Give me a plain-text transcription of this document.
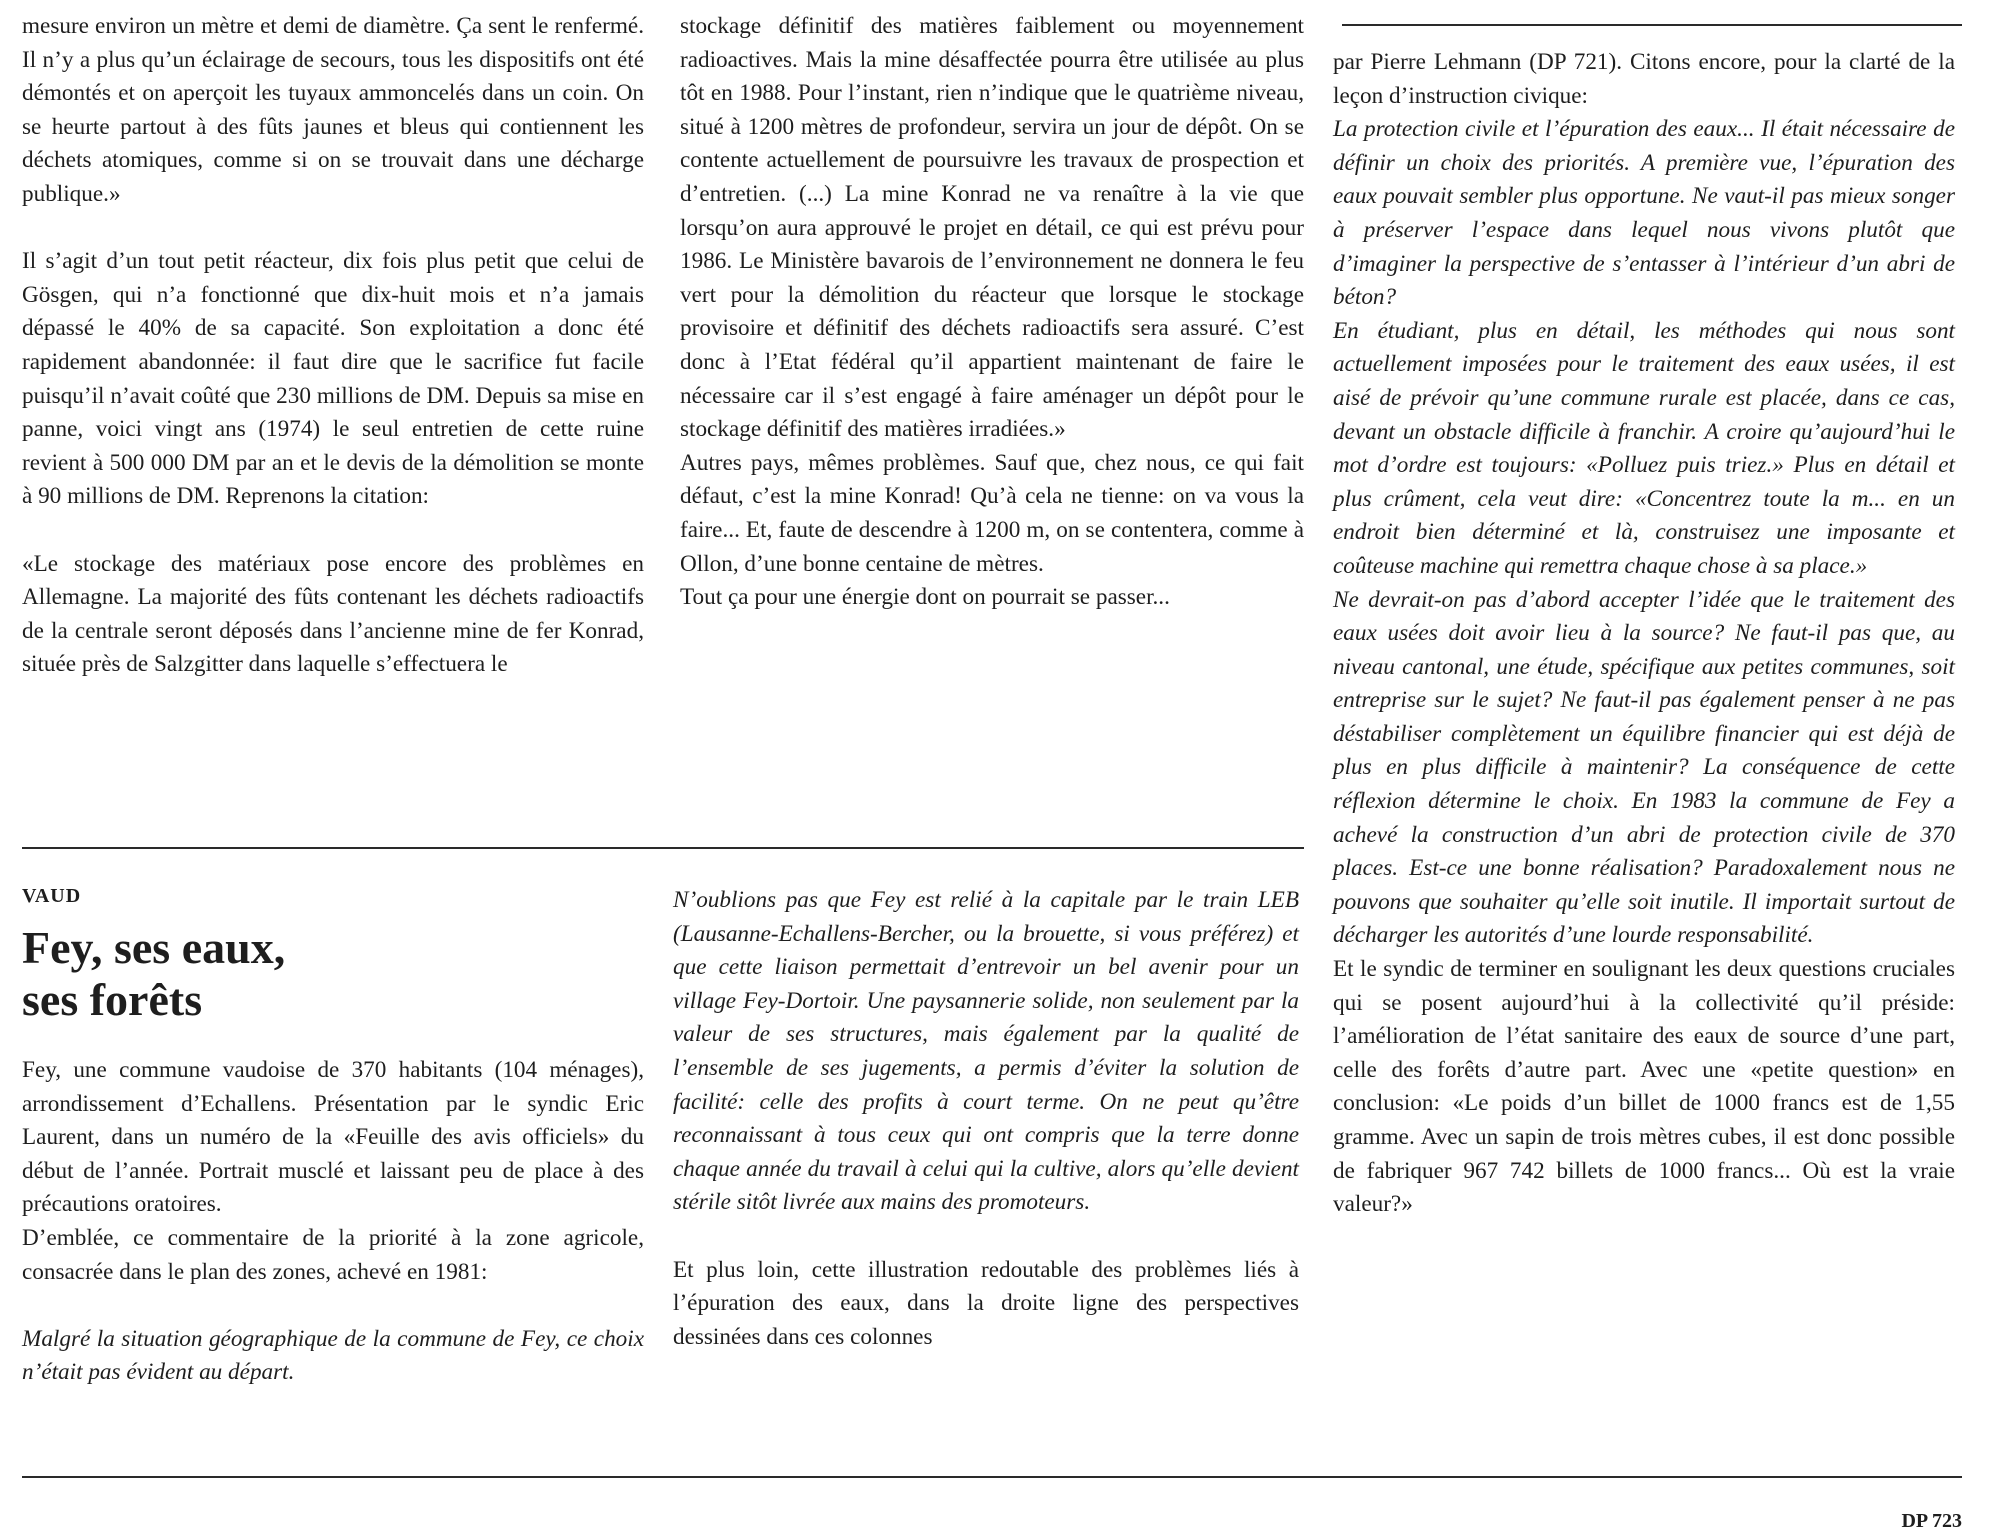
mesure environ un mètre et demi de diamètre. Ça sent le renfermé. Il n’y a plus qu’un éclairage de secours, tous les dispositifs ont été démontés et on aperçoit les tuyaux ammoncelés dans un coin. On se heurte partout à des fûts jaunes et bleus qui contiennent les déchets atomiques, comme si on se trouvait dans une décharge publique.»

Il s’agit d’un tout petit réacteur, dix fois plus petit que celui de Gösgen, qui n’a fonctionné que dix-huit mois et n’a jamais dépassé le 40% de sa capacité. Son exploitation a donc été rapidement abandonnée: il faut dire que le sacrifice fut facile puisqu’il n’avait coûté que 230 millions de DM. Depuis sa mise en panne, voici vingt ans (1974) le seul entretien de cette ruine revient à 500 000 DM par an et le devis de la démolition se monte à 90 millions de DM. Reprenons la citation:

«Le stockage des matériaux pose encore des problèmes en Allemagne. La majorité des fûts contenant les déchets radioactifs de la centrale seront déposés dans l’ancienne mine de fer Konrad, située près de Salzgitter dans laquelle s’effectuera le

stockage définitif des matières faiblement ou moyennement radioactives. Mais la mine désaffectée pourra être utilisée au plus tôt en 1988. Pour l’instant, rien n’indique que le quatrième niveau, situé à 1200 mètres de profondeur, servira un jour de dépôt. On se contente actuellement de poursuivre les travaux de prospection et d’entretien. (...) La mine Konrad ne va renaître à la vie que lorsqu’on aura approuvé le projet en détail, ce qui est prévu pour 1986. Le Ministère bavarois de l’environnement ne donnera le feu vert pour la démolition du réacteur que lorsque le stockage provisoire et définitif des déchets radioactifs sera assuré. C’est donc à l’Etat fédéral qu’il appartient maintenant de faire le nécessaire car il s’est engagé à faire aménager un dépôt pour le stockage définitif des matières irradiées.»

Autres pays, mêmes problèmes. Sauf que, chez nous, ce qui fait défaut, c’est la mine Konrad! Qu’à cela ne tienne: on va vous la faire... Et, faute de descendre à 1200 m, on se contentera, comme à Ollon, d’une bonne centaine de mètres.

Tout ça pour une énergie dont on pourrait se passer...

VAUD
Fey, ses eaux,
ses forêts

Fey, une commune vaudoise de 370 habitants (104 ménages), arrondissement d’Echallens. Présentation par le syndic Eric Laurent, dans un numéro de la «Feuille des avis officiels» du début de l’année. Portrait musclé et laissant peu de place à des précautions oratoires.

D’emblée, ce commentaire de la priorité à la zone agricole, consacrée dans le plan des zones, achevé en 1981:

Malgré la situation géographique de la commune de Fey, ce choix n’était pas évident au départ.

N’oublions pas que Fey est relié à la capitale par le train LEB (Lausanne-Echallens-Bercher, ou la brouette, si vous préférez) et que cette liaison permettait d’entrevoir un bel avenir pour un village Fey-Dortoir. Une paysannerie solide, non seulement par la valeur de ses structures, mais également par la qualité de l’ensemble de ses jugements, a permis d’éviter la solution de facilité: celle des profits à court terme. On ne peut qu’être reconnaissant à tous ceux qui ont compris que la terre donne chaque année du travail à celui qui la cultive, alors qu’elle devient stérile sitôt livrée aux mains des promoteurs.

Et plus loin, cette illustration redoutable des problèmes liés à l’épuration des eaux, dans la droite ligne des perspectives dessinées dans ces colonnes

par Pierre Lehmann (DP 721). Citons encore, pour la clarté de la leçon d’instruction civique:

La protection civile et l’épuration des eaux... Il était nécessaire de définir un choix des priorités. A première vue, l’épuration des eaux pouvait sembler plus opportune. Ne vaut-il pas mieux songer à préserver l’espace dans lequel nous vivons plutôt que d’imaginer la perspective de s’entasser à l’intérieur d’un abri de béton?

En étudiant, plus en détail, les méthodes qui nous sont actuellement imposées pour le traitement des eaux usées, il est aisé de prévoir qu’une commune rurale est placée, dans ce cas, devant un obstacle difficile à franchir. A croire qu’aujourd’hui le mot d’ordre est toujours: «Polluez puis triez.» Plus en détail et plus crûment, cela veut dire: «Concentrez toute la m... en un endroit bien déterminé et là, construisez une imposante et coûteuse machine qui remettra chaque chose à sa place.»

Ne devrait-on pas d’abord accepter l’idée que le traitement des eaux usées doit avoir lieu à la source? Ne faut-il pas que, au niveau cantonal, une étude, spécifique aux petites communes, soit entreprise sur le sujet? Ne faut-il pas également penser à ne pas déstabiliser complètement un équilibre financier qui est déjà de plus en plus difficile à maintenir? La conséquence de cette réflexion détermine le choix. En 1983 la commune de Fey a achevé la construction d’un abri de protection civile de 370 places. Est-ce une bonne réalisation? Paradoxalement nous ne pouvons que souhaiter qu’elle soit inutile. Il importait surtout de décharger les autorités d’une lourde responsabilité.

Et le syndic de terminer en soulignant les deux questions cruciales qui se posent aujourd’hui à la collectivité qu’il préside: l’amélioration de l’état sanitaire des eaux de source d’une part, celle des forêts d’autre part. Avec une «petite question» en conclusion: «Le poids d’un billet de 1000 francs est de 1,55 gramme. Avec un sapin de trois mètres cubes, il est donc possible de fabriquer 967 742 billets de 1000 francs... Où est la vraie valeur?»

DP 723
